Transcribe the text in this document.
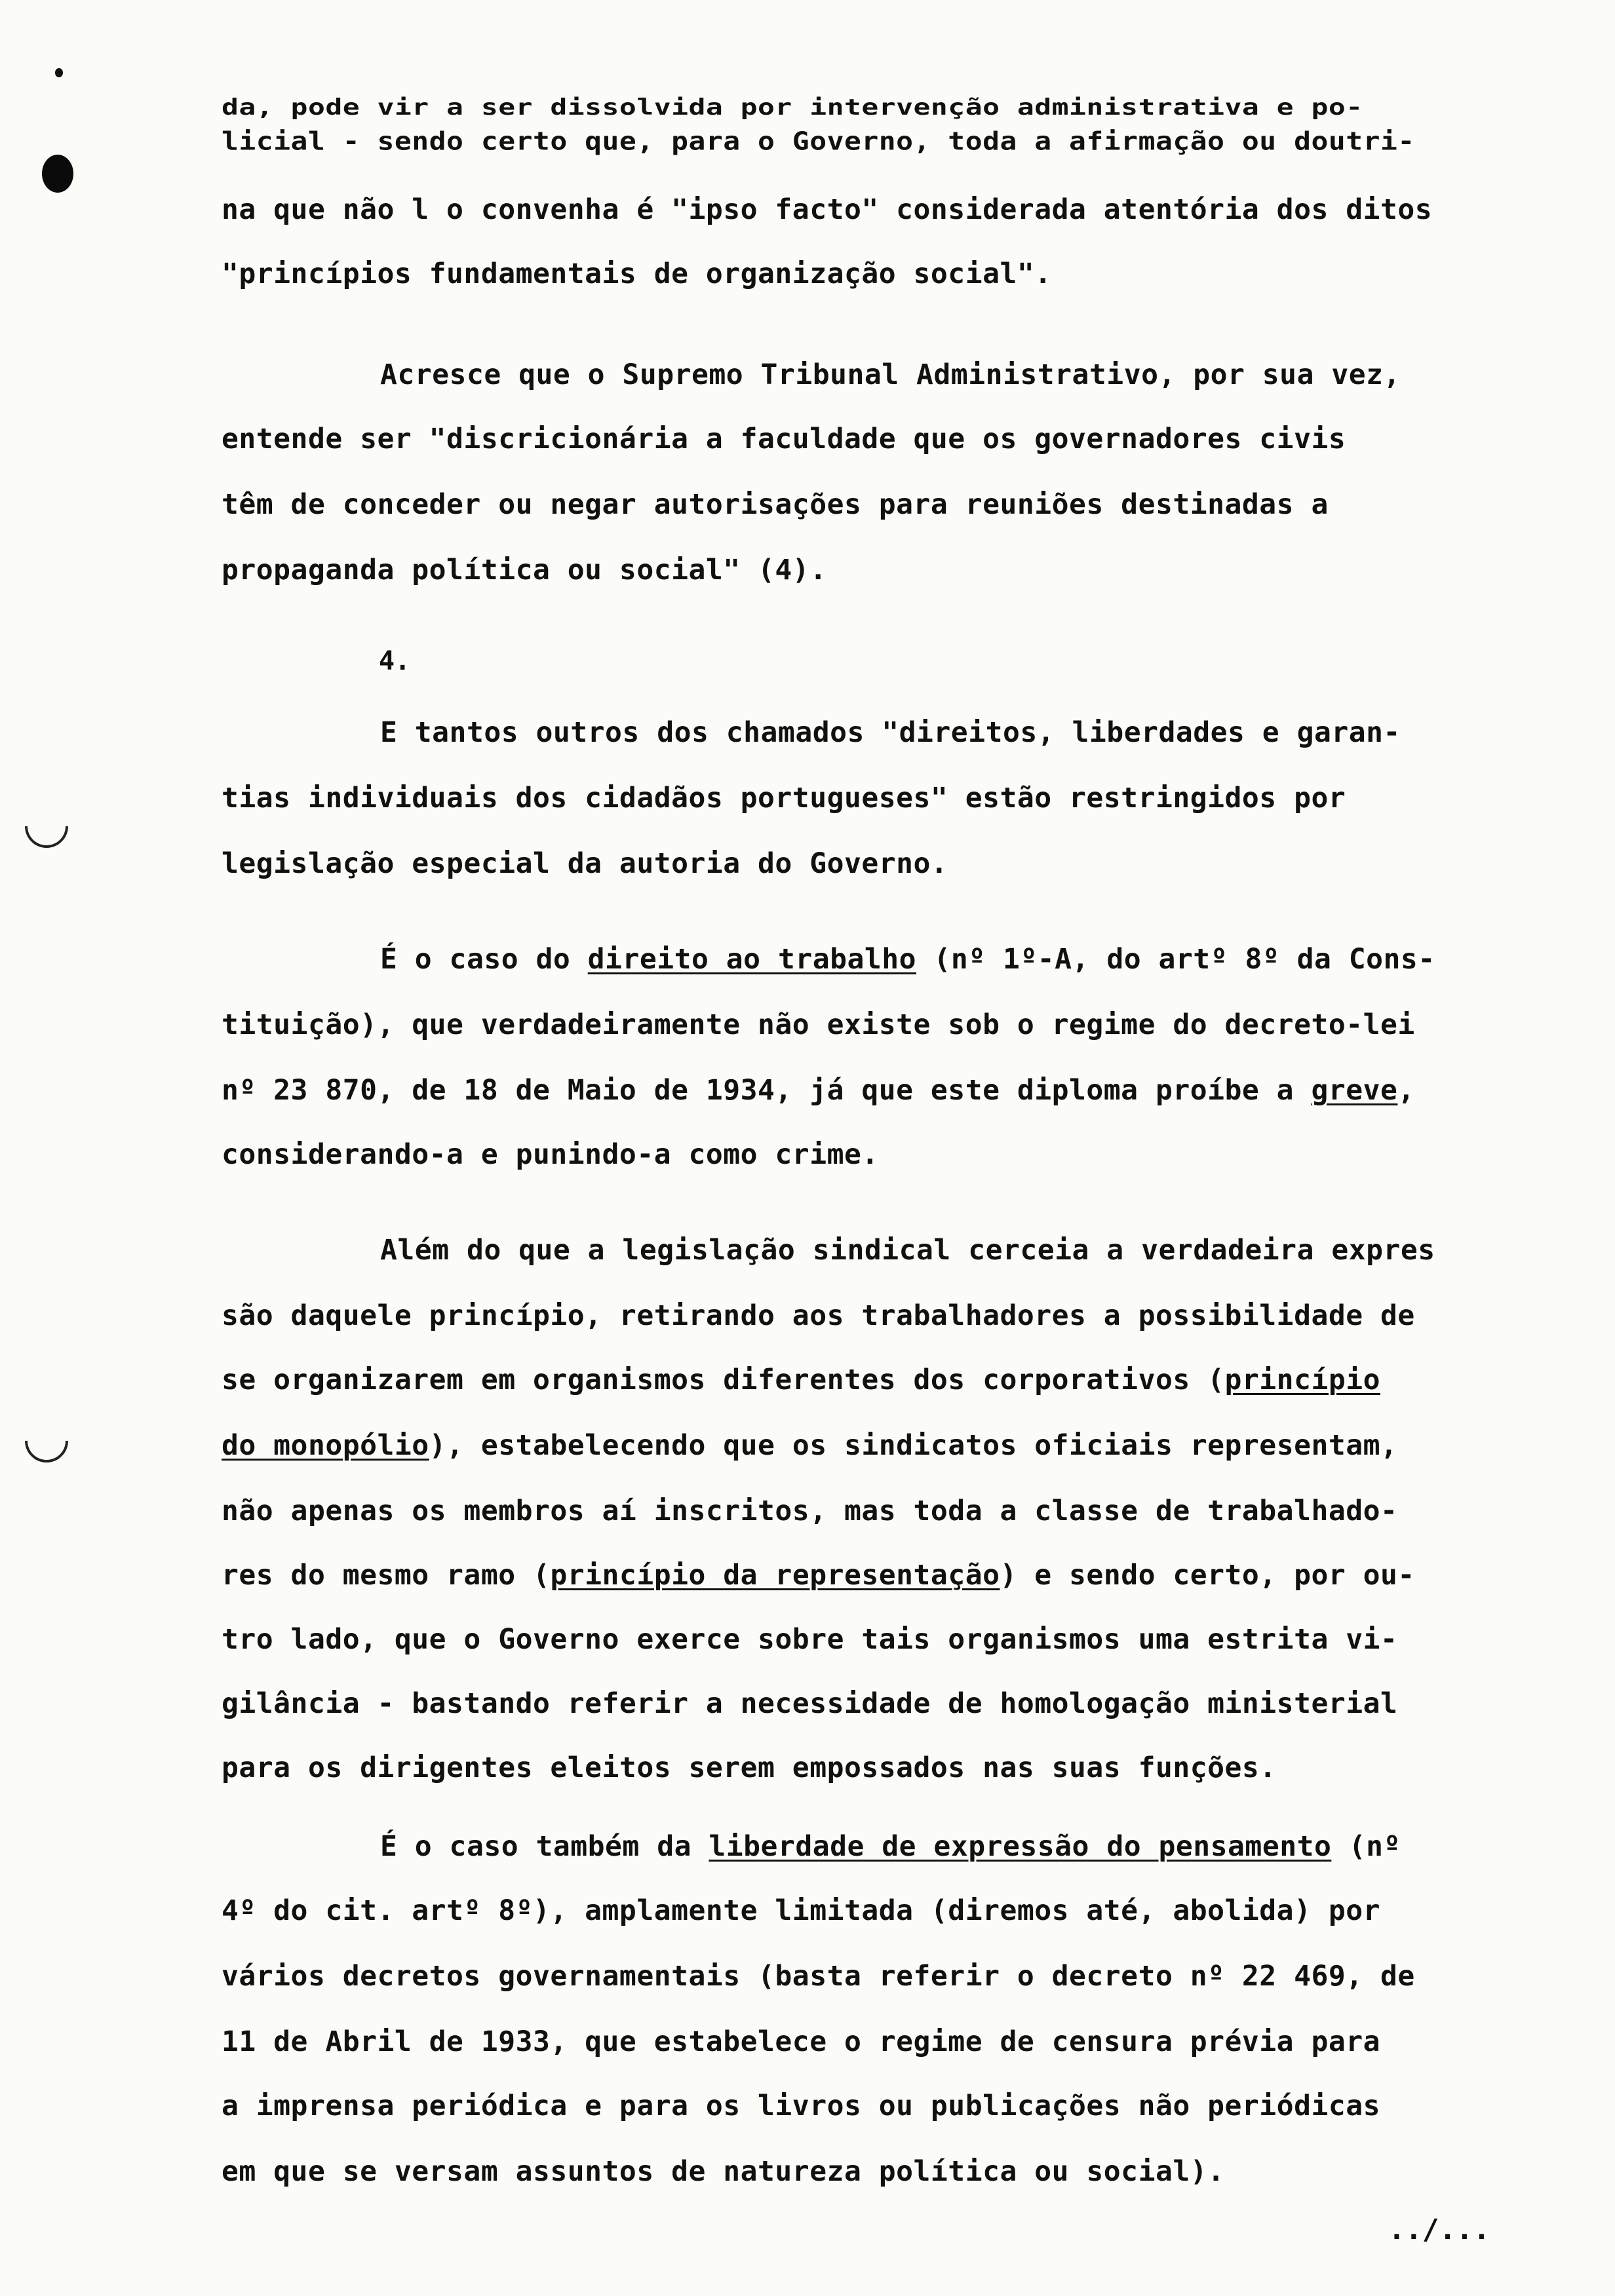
da, pode vir a ser dissolvida por intervenção administrativa e po-
licial - sendo certo que, para o Governo, toda a afirmação ou doutri-
na que não l o convenha é "ipso facto" considerada atentória dos ditos
"princípios fundamentais de organização social".
Acresce que o Supremo Tribunal Administrativo, por sua vez,
entende ser "discricionária a faculdade que os governadores civis
têm de conceder ou negar autorisações para reuniões destinadas a
propaganda política ou social" (4).
4.
E tantos outros dos chamados "direitos, liberdades e garan-
tias individuais dos cidadãos portugueses" estão restringidos por
legislação especial da autoria do Governo.
É o caso do direito ao trabalho (nº 1º-A, do artº 8º da Cons-
tituição), que verdadeiramente não existe sob o regime do decreto-lei
nº 23 870, de 18 de Maio de 1934, já que este diploma proíbe a greve,
considerando-a e punindo-a como crime.
Além do que a legislação sindical cerceia a verdadeira expres
são daquele princípio, retirando aos trabalhadores a possibilidade de
se organizarem em organismos diferentes dos corporativos (princípio
do monopólio), estabelecendo que os sindicatos oficiais representam,
não apenas os membros aí inscritos, mas toda a classe de trabalhado-
res do mesmo ramo (princípio da representação) e sendo certo, por ou-
tro lado, que o Governo exerce sobre tais organismos uma estrita vi-
gilância - bastando referir a necessidade de homologação ministerial
para os dirigentes eleitos serem empossados nas suas funções.
É o caso também da liberdade de expressão do pensamento (nº
4º do cit. artº 8º), amplamente limitada (diremos até, abolida) por
vários decretos governamentais (basta referir o decreto nº 22 469, de
11 de Abril de 1933, que estabelece o regime de censura prévia para
a imprensa periódica e para os livros ou publicações não periódicas
em que se versam assuntos de natureza política ou social).
../...
